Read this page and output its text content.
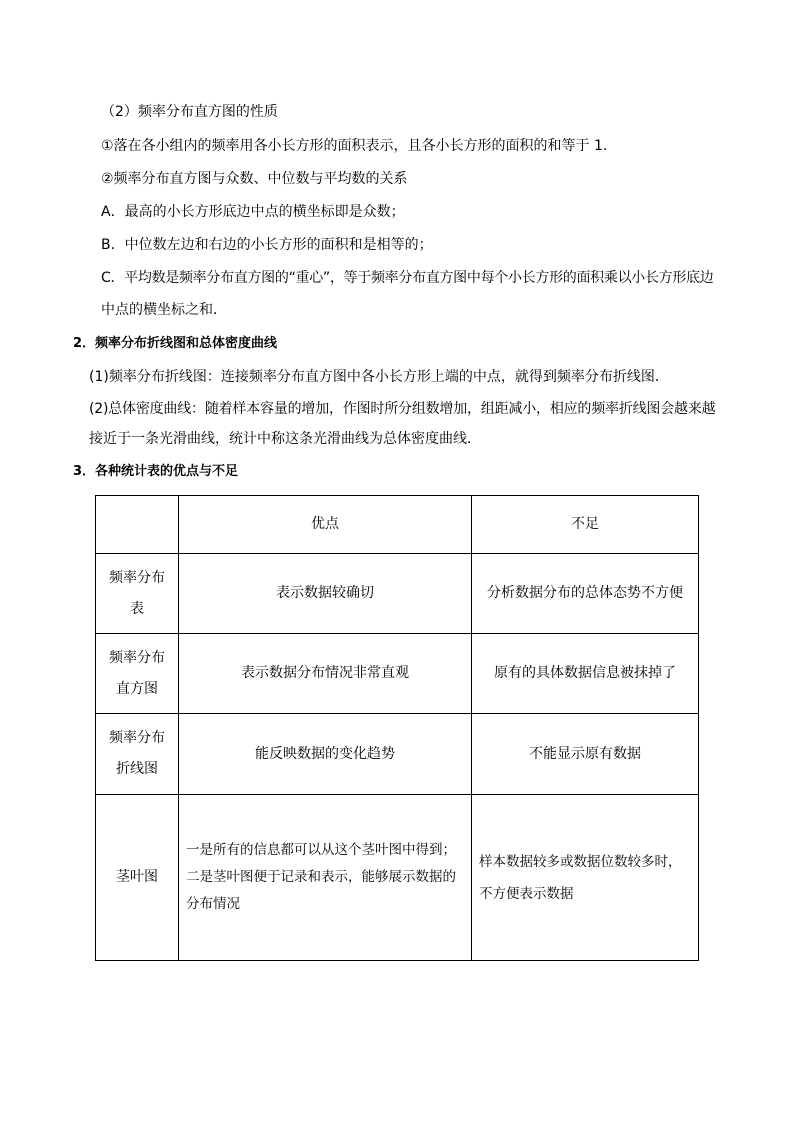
（2）频率分布直方图的性质
①落在各小组内的频率用各小长方形的面积表示，且各小长方形的面积的和等于 1.
②频率分布直方图与众数、中位数与平均数的关系
A．最高的小长方形底边中点的横坐标即是众数；
B．中位数左边和右边的小长方形的面积和是相等的；
C．平均数是频率分布直方图的“重心”，等于频率分布直方图中每个小长方形的面积乘以小长方形底边
中点的横坐标之和．
2．频率分布折线图和总体密度曲线
(1)频率分布折线图：连接频率分布直方图中各小长方形上端的中点，就得到频率分布折线图．
(2)总体密度曲线：随着样本容量的增加，作图时所分组数增加，组距减小，相应的频率折线图会越来越
接近于一条光滑曲线，统计中称这条光滑曲线为总体密度曲线．
3．各种统计表的优点与不足
	优点	不足

频率分布
表	表示数据较确切	分析数据分布的总体态势不方便

频率分布
直方图	表示数据分布情况非常直观	原有的具体数据信息被抹掉了

频率分布
折线图	能反映数据的变化趋势	不能显示原有数据
茎叶图	一是所有的信息都可以从这个茎叶图中得到；
二是茎叶图便于记录和表示，能够展示数据的
分布情况	样本数据较多或数据位数较多时，
不方便表示数据
